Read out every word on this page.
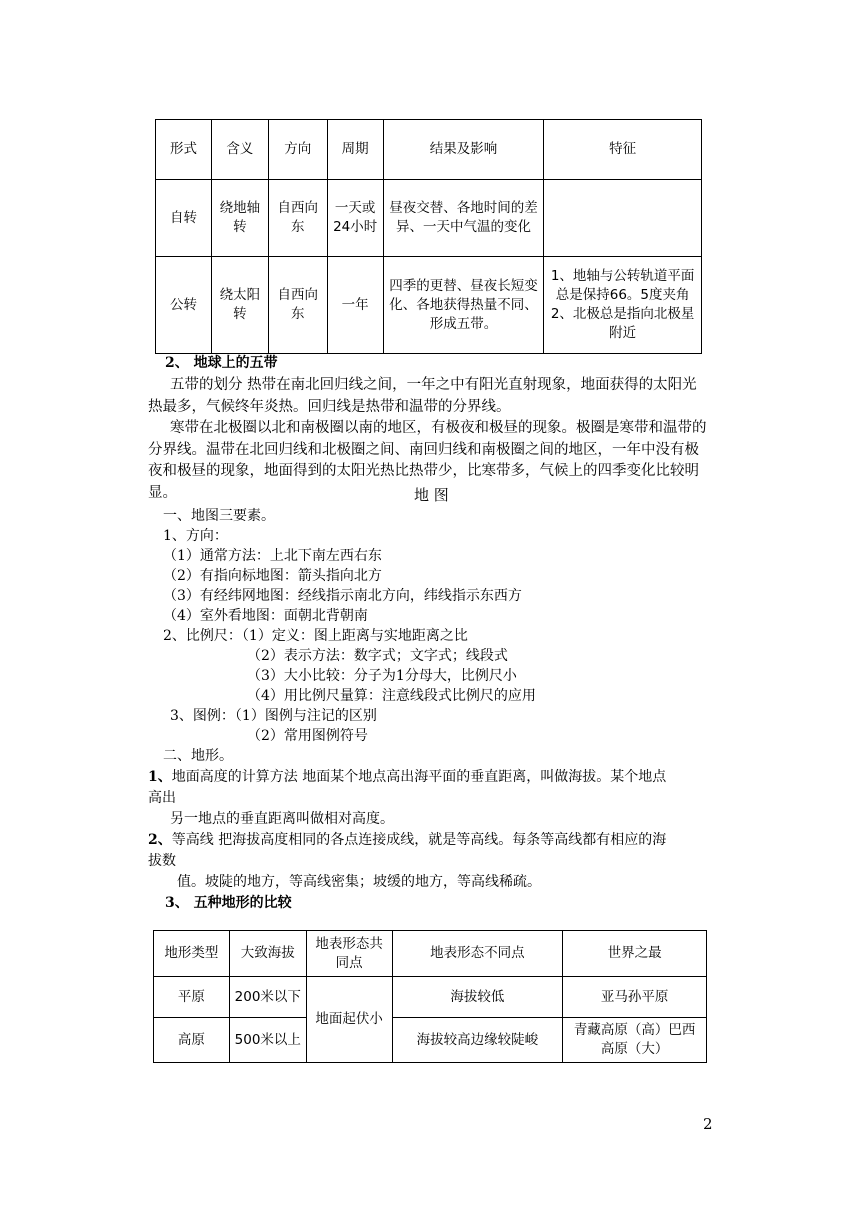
形式	含义	方向	周期	结果及影响	特征
自转	绕地轴转	自西向东	一天或24小时	昼夜交替、各地时间的差异、一天中气温的变化	
公转	绕太阳转	自西向东	一年	四季的更替、昼夜长短变化、各地获得热量不同、形成五带。	1、地轴与公转轨道平面总是保持66。5度夹角2、北极总是指向北极星附近
2、 地球上的五带
五带的划分 热带在南北回归线之间，一年之中有阳光直射现象，地面获得的太阳光热最多，气候终年炎热。回归线是热带和温带的分界线。
寒带在北极圈以北和南极圈以南的地区，有极夜和极昼的现象。极圈是寒带和温带的分界线。温带在北回归线和北极圈之间、南回归线和南极圈之间的地区，一年中没有极夜和极昼的现象，地面得到的太阳光热比热带少，比寒带多，气候上的四季变化比较明显。	地 图
一、地图三要素。
1、方向：
（1）通常方法：上北下南左西右东
（2）有指向标地图：箭头指向北方
（3）有经纬网地图：经线指示南北方向，纬线指示东西方
（4）室外看地图：面朝北背朝南
2、比例尺：（1）定义：图上距离与实地距离之比
（2）表示方法：数字式；文字式；线段式
（3）大小比较：分子为1分母大，比例尺小
（4）用比例尺量算：注意线段式比例尺的应用
3、图例：（1）图例与注记的区别
（2）常用图例符号
二、地形。
1、地面高度的计算方法 地面某个地点高出海平面的垂直距离，叫做海拔。某个地点
高出
另一地点的垂直距离叫做相对高度。
2、等高线 把海拔高度相同的各点连接成线，就是等高线。每条等高线都有相应的海
拔数
值。坡陡的地方，等高线密集；坡缓的地方，等高线稀疏。
3、 五种地形的比较
地形类型	大致海拔	地表形态共同点	地表形态不同点	世界之最
平原	200米以下	地面起伏小	海拔较低	亚马孙平原
高原	500米以上		海拔较高边缘较陡峻	青藏高原（高）巴西高原（大）
2
